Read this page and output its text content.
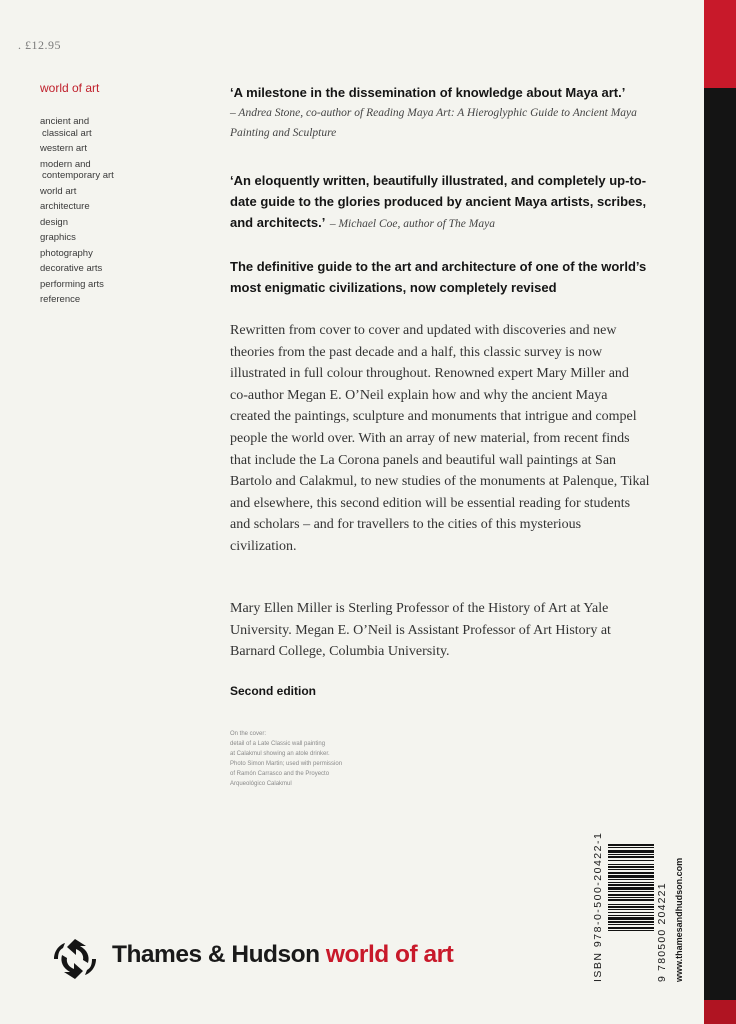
. £12.95
world of art
ancient and

classical art
western art
modern and

contemporary art
world art
architecture
design
graphics
photography
decorative arts
performing arts
reference
‘A milestone in the dissemination of knowledge about Maya art.’
– Andrea Stone, co-author of Reading Maya Art: A Hieroglyphic Guide to Ancient Maya Painting and Sculpture
‘An eloquently written, beautifully illustrated, and completely up-to-date guide to the glories produced by ancient Maya artists, scribes, and architects.’ – Michael Coe, author of The Maya
The definitive guide to the art and architecture of one of the world’s most enigmatic civilizations, now completely revised
Rewritten from cover to cover and updated with discoveries and new theories from the past decade and a half, this classic survey is now illustrated in full colour throughout. Renowned expert Mary Miller and co-author Megan E. O’Neil explain how and why the ancient Maya created the paintings, sculpture and monuments that intrigue and compel people the world over. With an array of new material, from recent finds that include the La Corona panels and beautiful wall paintings at San Bartolo and Calakmul, to new studies of the monuments at Palenque, Tikal and elsewhere, this second edition will be essential reading for students and scholars – and for travellers to the cities of this mysterious civilization.
Mary Ellen Miller is Sterling Professor of the History of Art at Yale University. Megan E. O’Neil is Assistant Professor of Art History at Barnard College, Columbia University.
Second edition
On the cover:
detail of a Late Classic wall painting
at Calakmul showing an atole drinker.
Photo Simon Martin; used with permission
of Ramón Carrasco and the Proyecto
Arqueológico Calakmul
Thames & Hudson world of art	ISBN 978-0-500-20422-1	9 780500 204221 www.thamesandhudson.com
